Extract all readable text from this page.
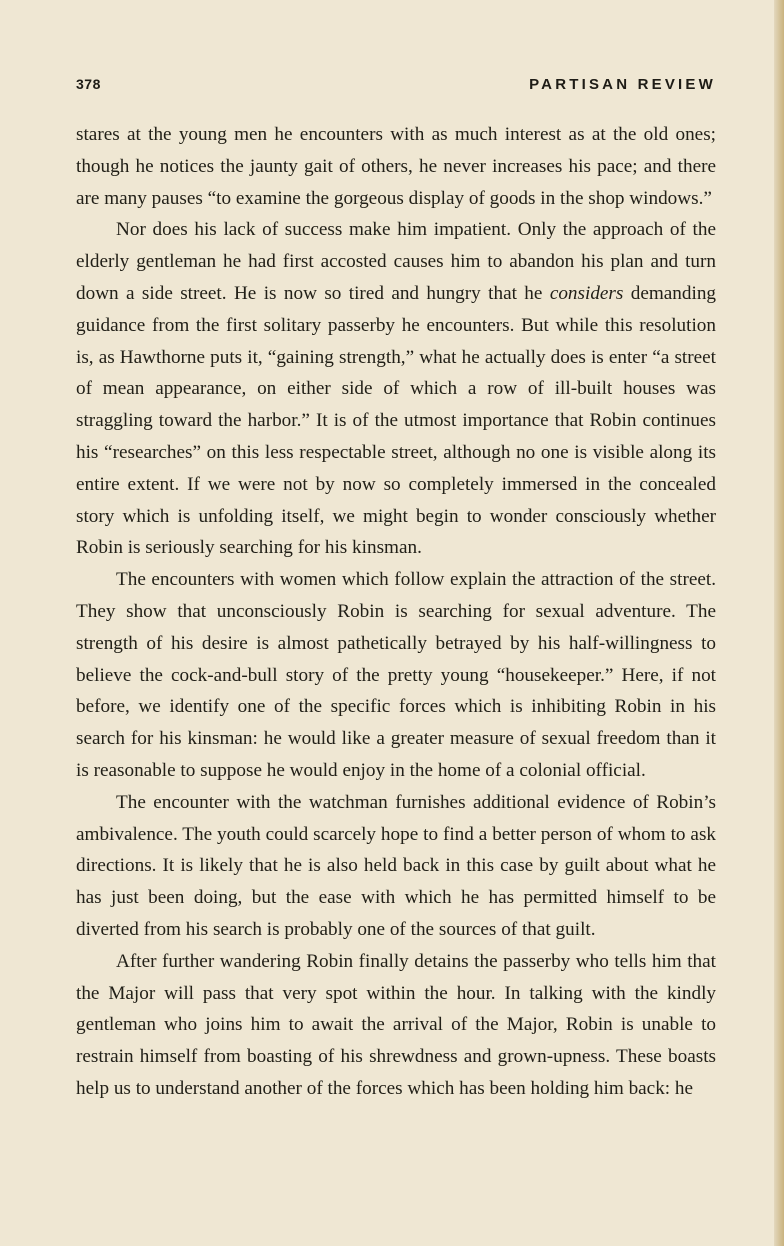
378	PARTISAN REVIEW

stares at the young men he encounters with as much interest as at the old ones; though he notices the jaunty gait of others, he never increases his pace; and there are many pauses “to examine the gorgeous display of goods in the shop windows.”

Nor does his lack of success make him impatient. Only the approach of the elderly gentleman he had first accosted causes him to abandon his plan and turn down a side street. He is now so tired and hungry that he considers demanding guidance from the first solitary passerby he encounters. But while this resolution is, as Hawthorne puts it, “gaining strength,” what he actually does is enter “a street of mean appearance, on either side of which a row of ill-built houses was straggling toward the harbor.” It is of the utmost importance that Robin continues his “researches” on this less respectable street, although no one is visible along its entire extent. If we were not by now so completely immersed in the concealed story which is unfolding itself, we might begin to wonder consciously whether Robin is seriously searching for his kinsman.

The encounters with women which follow explain the attraction of the street. They show that unconsciously Robin is searching for sexual adventure. The strength of his desire is almost pathetically betrayed by his half-willingness to believe the cock-and-bull story of the pretty young “housekeeper.” Here, if not before, we identify one of the specific forces which is inhibiting Robin in his search for his kinsman: he would like a greater measure of sexual freedom than it is reasonable to suppose he would enjoy in the home of a colonial official.

The encounter with the watchman furnishes additional evidence of Robin’s ambivalence. The youth could scarcely hope to find a better person of whom to ask directions. It is likely that he is also held back in this case by guilt about what he has just been doing, but the ease with which he has permitted himself to be diverted from his search is probably one of the sources of that guilt.

After further wandering Robin finally detains the passerby who tells him that the Major will pass that very spot within the hour. In talking with the kindly gentleman who joins him to await the arrival of the Major, Robin is unable to restrain himself from boasting of his shrewdness and grown-upness. These boasts help us to understand another of the forces which has been holding him back: he
